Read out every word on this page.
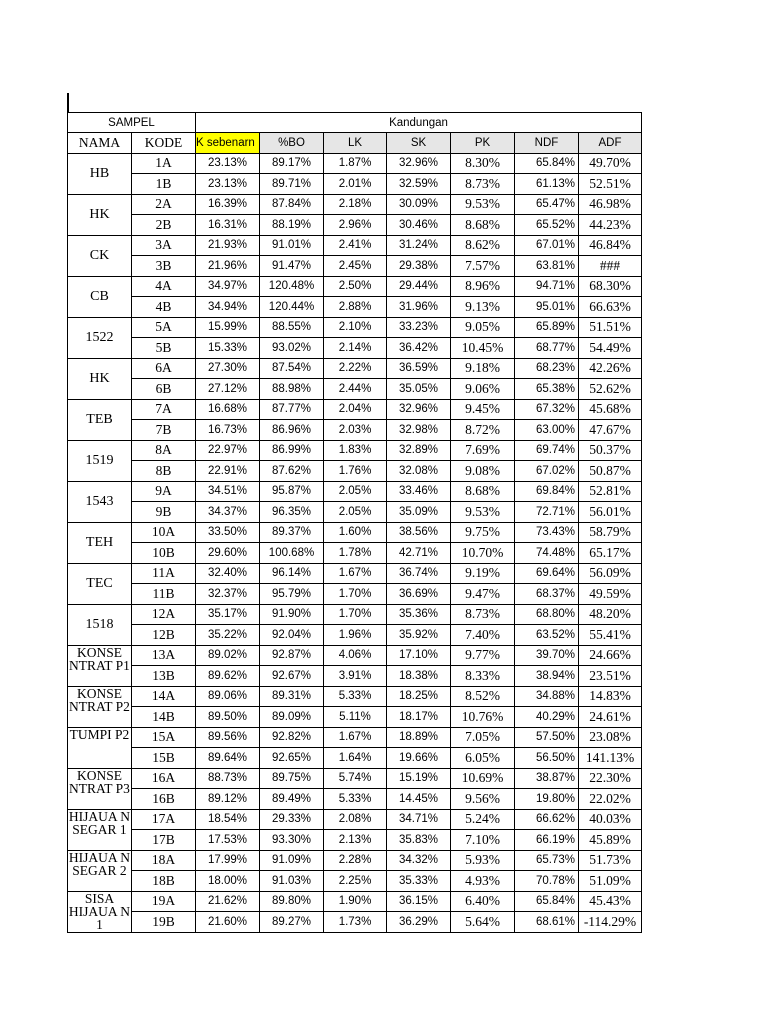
SAMPEL		Kandungan						
NAMA	KODE	K sebenarn	%BO	LK	SK	PK	NDF	ADF
HB	1A	23.13%	89.17%	1.87%	32.96%	8.30%	65.84%	49.70%
	1B	23.13%	89.71%	2.01%	32.59%	8.73%	61.13%	52.51%
HK	2A	16.39%	87.84%	2.18%	30.09%	9.53%	65.47%	46.98%
	2B	16.31%	88.19%	2.96%	30.46%	8.68%	65.52%	44.23%
CK	3A	21.93%	91.01%	2.41%	31.24%	8.62%	67.01%	46.84%
	3B	21.96%	91.47%	2.45%	29.38%	7.57%	63.81%	###
CB	4A	34.97%	120.48%	2.50%	29.44%	8.96%	94.71%	68.30%
	4B	34.94%	120.44%	2.88%	31.96%	9.13%	95.01%	66.63%
1522	5A	15.99%	88.55%	2.10%	33.23%	9.05%	65.89%	51.51%
	5B	15.33%	93.02%	2.14%	36.42%	10.45%	68.77%	54.49%
HK	6A	27.30%	87.54%	2.22%	36.59%	9.18%	68.23%	42.26%
	6B	27.12%	88.98%	2.44%	35.05%	9.06%	65.38%	52.62%
TEB	7A	16.68%	87.77%	2.04%	32.96%	9.45%	67.32%	45.68%
	7B	16.73%	86.96%	2.03%	32.98%	8.72%	63.00%	47.67%
1519	8A	22.97%	86.99%	1.83%	32.89%	7.69%	69.74%	50.37%
	8B	22.91%	87.62%	1.76%	32.08%	9.08%	67.02%	50.87%
1543	9A	34.51%	95.87%	2.05%	33.46%	8.68%	69.84%	52.81%
	9B	34.37%	96.35%	2.05%	35.09%	9.53%	72.71%	56.01%
TEH	10A	33.50%	89.37%	1.60%	38.56%	9.75%	73.43%	58.79%
	10B	29.60%	100.68%	1.78%	42.71%	10.70%	74.48%	65.17%
TEC	11A	32.40%	96.14%	1.67%	36.74%	9.19%	69.64%	56.09%
	11B	32.37%	95.79%	1.70%	36.69%	9.47%	68.37%	49.59%
1518	12A	35.17%	91.90%	1.70%	35.36%	8.73%	68.80%	48.20%
	12B	35.22%	92.04%	1.96%	35.92%	7.40%	63.52%	55.41%
KONSE NTRAT P1	13A	89.02%	92.87%	4.06%	17.10%	9.77%	39.70%	24.66%
	13B	89.62%	92.67%	3.91%	18.38%	8.33%	38.94%	23.51%
KONSE NTRAT P2	14A	89.06%	89.31%	5.33%	18.25%	8.52%	34.88%	14.83%
	14B	89.50%	89.09%	5.11%	18.17%	10.76%	40.29%	24.61%
TUMPI P2	15A	89.56%	92.82%	1.67%	18.89%	7.05%	57.50%	23.08%
	15B	89.64%	92.65%	1.64%	19.66%	6.05%	56.50%	141.13%
KONSE NTRAT P3	16A	88.73%	89.75%	5.74%	15.19%	10.69%	38.87%	22.30%
	16B	89.12%	89.49%	5.33%	14.45%	9.56%	19.80%	22.02%
HIJAUA N SEGAR 1	17A	18.54%	29.33%	2.08%	34.71%	5.24%	66.62%	40.03%
	17B	17.53%	93.30%	2.13%	35.83%	7.10%	66.19%	45.89%
HIJAUA N SEGAR 2	18A	17.99%	91.09%	2.28%	34.32%	5.93%	65.73%	51.73%
	18B	18.00%	91.03%	2.25%	35.33%	4.93%	70.78%	51.09%
SISA HIJAUA N 1	19A	21.62%	89.80%	1.90%	36.15%	6.40%	65.84%	45.43%
	19B	21.60%	89.27%	1.73%	36.29%	5.64%	68.61%	-114.29%
